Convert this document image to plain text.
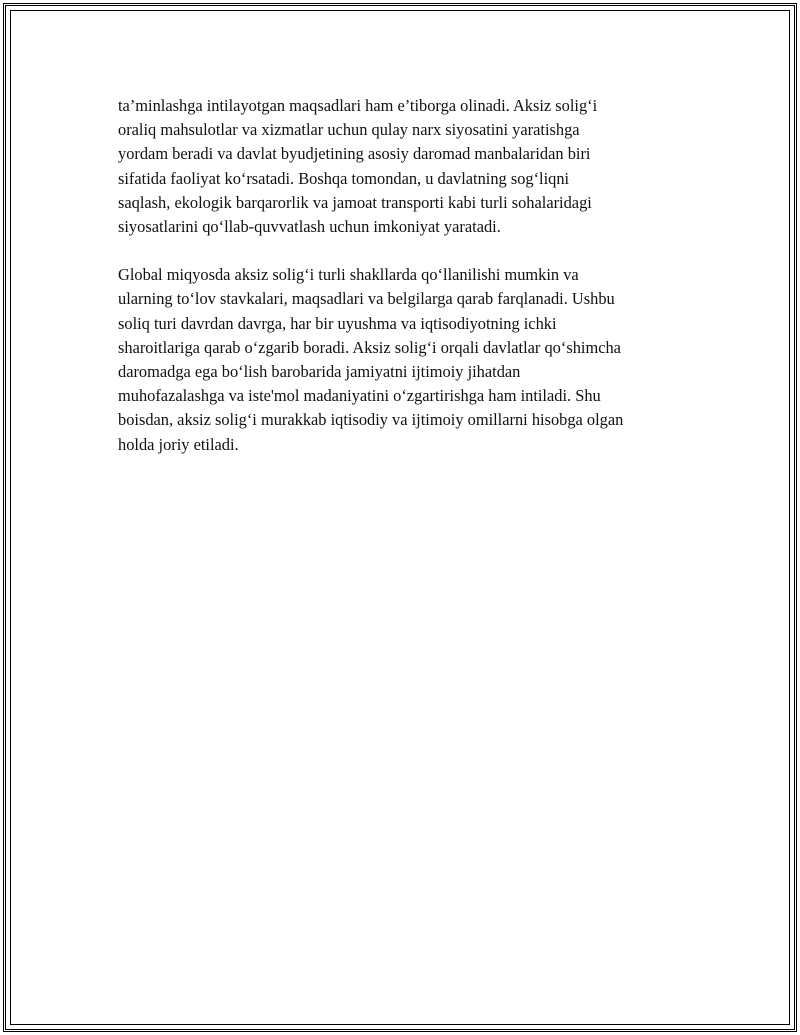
ta’minlashga intilayotgan maqsadlari ham e’tiborga olinadi. Aksiz solig‘i
oraliq mahsulotlar va xizmatlar uchun qulay narx siyosatini yaratishga
yordam beradi va davlat byudjetining asosiy daromad manbalaridan biri
sifatida faoliyat ko‘rsatadi. Boshqa tomondan, u davlatning sog‘liqni
saqlash, ekologik barqarorlik va jamoat transporti kabi turli sohalaridagi
siyosatlarini qo‘llab-quvvatlash uchun imkoniyat yaratadi.

Global miqyosda aksiz solig‘i turli shakllarda qo‘llanilishi mumkin va
ularning to‘lov stavkalari, maqsadlari va belgilarga qarab farqlanadi. Ushbu
soliq turi davrdan davrga, har bir uyushma va iqtisodiyotning ichki
sharoitlariga qarab o‘zgarib boradi. Aksiz solig‘i orqali davlatlar qo‘shimcha
daromadga ega bo‘lish barobarida jamiyatni ijtimoiy jihatdan
muhofazalashga va iste'mol madaniyatini o‘zgartirishga ham intiladi. Shu
boisdan, aksiz solig‘i murakkab iqtisodiy va ijtimoiy omillarni hisobga olgan
holda joriy etiladi.
